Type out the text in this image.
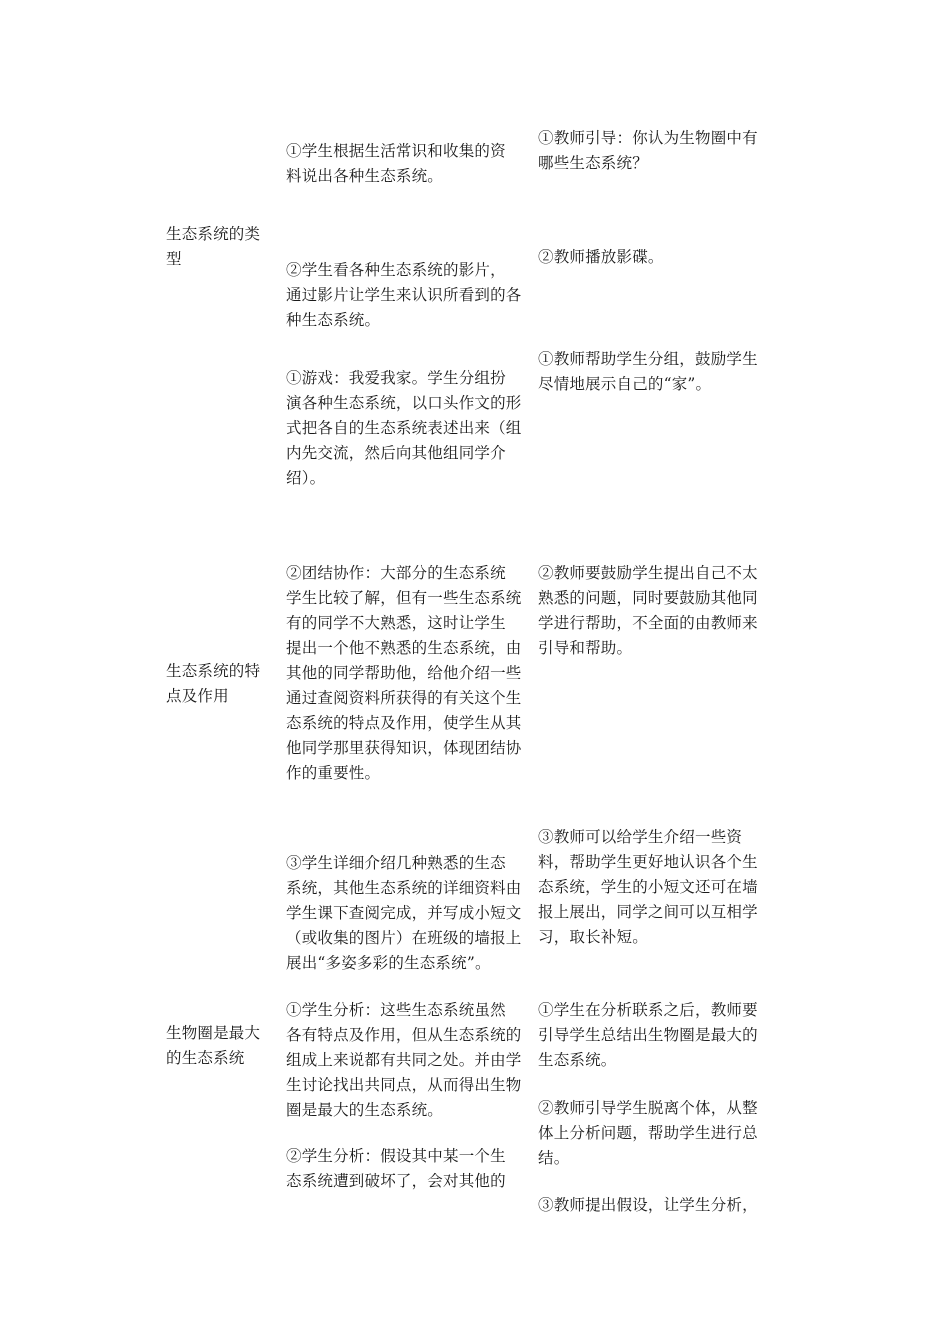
生态系统的类
型
①学生根据生活常识和收集的资
料说出各种生态系统。
②学生看各种生态系统的影片，
通过影片让学生来认识所看到的各
种生态系统。
①教师引导：你认为生物圈中有
哪些生态系统？
②教师播放影碟。
生态系统的特
点及作用
①游戏：我爱我家。学生分组扮
演各种生态系统，以口头作文的形
式把各自的生态系统表述出来（组
内先交流，然后向其他组同学介
绍）。
②团结协作：大部分的生态系统
学生比较了解，但有一些生态系统
有的同学不大熟悉，这时让学生
提出一个他不熟悉的生态系统，由
其他的同学帮助他，给他介绍一些
通过查阅资料所获得的有关这个生
态系统的特点及作用，使学生从其
他同学那里获得知识，体现团结协
作的重要性。
③学生详细介绍几种熟悉的生态
系统，其他生态系统的详细资料由
学生课下查阅完成，并写成小短文
（或收集的图片）在班级的墙报上
展出“多姿多彩的生态系统”。
①教师帮助学生分组，鼓励学生
尽情地展示自己的“家”。
②教师要鼓励学生提出自己不太
熟悉的问题，同时要鼓励其他同
学进行帮助，不全面的由教师来
引导和帮助。
③教师可以给学生介绍一些资
料，帮助学生更好地认识各个生
态系统，学生的小短文还可在墙
报上展出，同学之间可以互相学
习，取长补短。
生物圈是最大
的生态系统
①学生分析：这些生态系统虽然
各有特点及作用，但从生态系统的
组成上来说都有共同之处。并由学
生讨论找出共同点，从而得出生物
圈是最大的生态系统。
②学生分析：假设其中某一个生
态系统遭到破坏了，会对其他的
①学生在分析联系之后，教师要
引导学生总结出生物圈是最大的
生态系统。
②教师引导学生脱离个体，从整
体上分析问题，帮助学生进行总
结。
③教师提出假设，让学生分析，
